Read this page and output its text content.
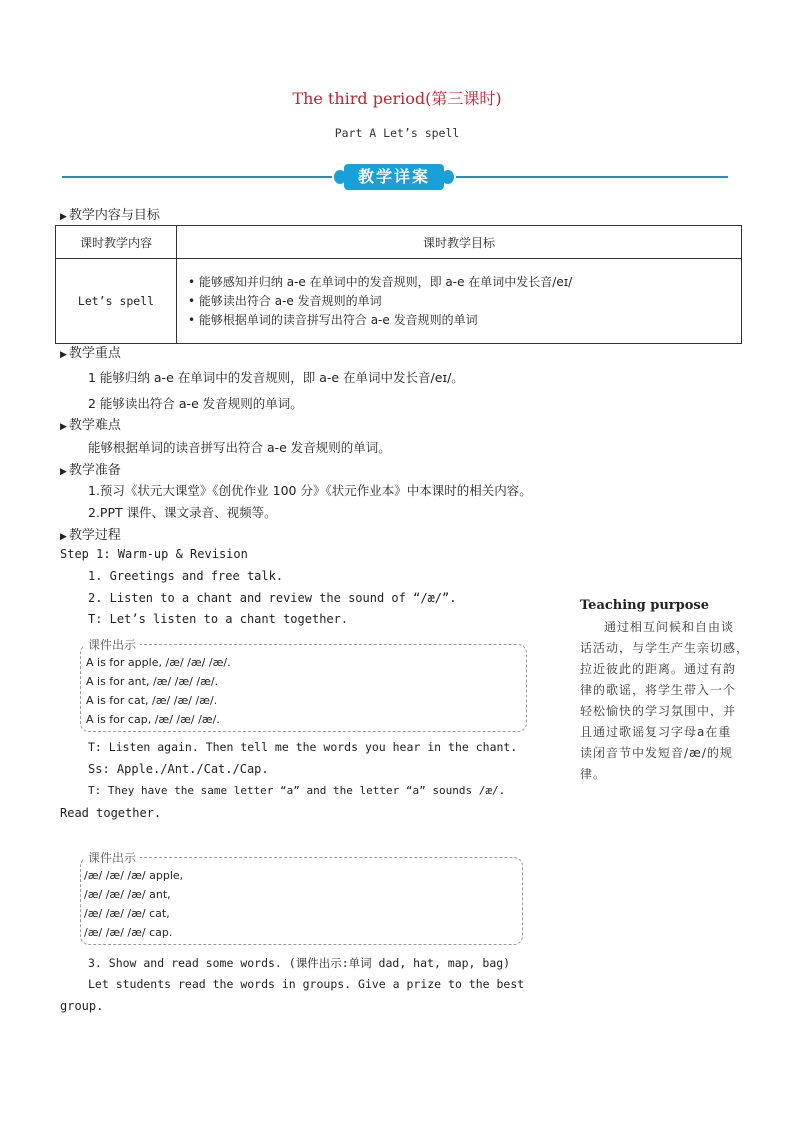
The third period(第三课时)
Part A Let’s spell
教学详案
▶ 教学内容与目标
课时教学内容	课时教学目标
Let’s spell	• 能够感知并归纳 a-e 在单词中的发音规则，即 a-e 在单词中发长音/eɪ/
• 能够读出符合 a-e 发音规则的单词
• 能够根据单词的读音拼写出符合 a-e 发音规则的单词
▶ 教学重点
1 能够归纳 a-e 在单词中的发音规则，即 a-e 在单词中发长音/eɪ/。
2 能够读出符合 a-e 发音规则的单词。
▶ 教学难点
能够根据单词的读音拼写出符合 a-e 发音规则的单词。
▶ 教学准备
1.预习《状元大课堂》《创优作业 100 分》《状元作业本》中本课时的相关内容。
2.PPT 课件、课文录音、视频等。
▶ 教学过程
Step 1: Warm-up & Revision
1. Greetings and free talk.
2. Listen to a chant and review the sound of “/æ/”.
T: Let’s listen to a chant together.
课件出示
A is for apple, /æ/ /æ/ /æ/.
A is for ant, /æ/ /æ/ /æ/.
A is for cat, /æ/ /æ/ /æ/.
A is for cap, /æ/ /æ/ /æ/.
T: Listen again. Then tell me the words you hear in the chant.
Ss: Apple./Ant./Cat./Cap.
T: They have the same letter “a” and the letter “a” sounds /æ/.
Read together.
课件出示
/æ/ /æ/ /æ/ apple,
/æ/ /æ/ /æ/ ant,
/æ/ /æ/ /æ/ cat,
/æ/ /æ/ /æ/ cap.
3. Show and read some words. (课件出示:单词 dad, hat, map, bag)
Let students read the words in groups. Give a prize to the best
group.
Teaching purpose
通过相互问候和自由谈
话活动，与学生产生亲切感，
拉近彼此的距离。通过有韵
律的歌谣，将学生带入一个
轻松愉快的学习氛围中，并
且通过歌谣复习字母a在重
读闭音节中发短音/æ/的规
律。
